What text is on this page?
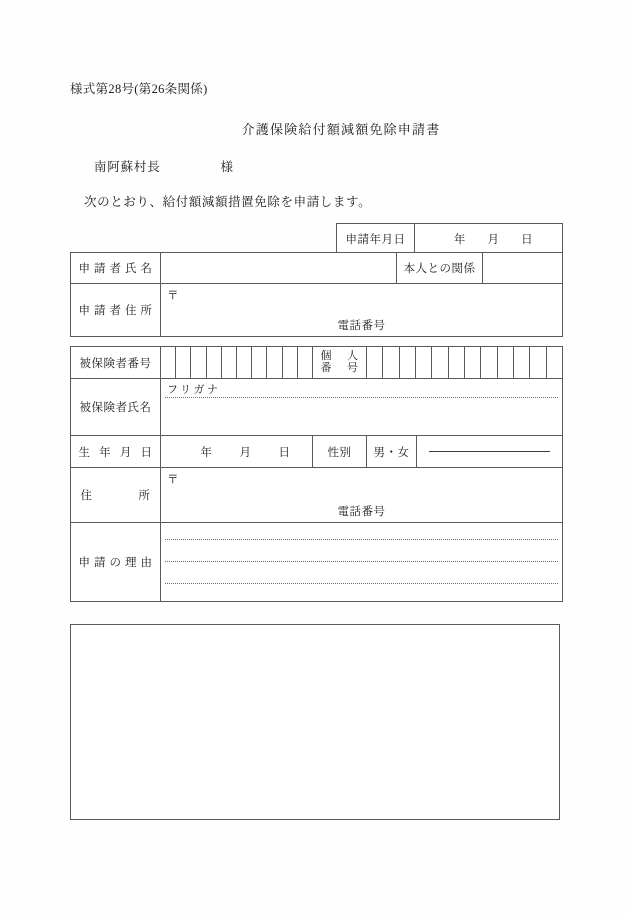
様式第28号(第26条関係)
介護保険給付額減額免除申請書
南阿蘇村長	様
次のとおり、給付額減額措置免除を申請します。
申請年月日	年 月 日
申請者氏名		本人との関係	
申請者住所	〒
電話番号		
被保険者番号		個人
番号		

被保険者氏名	フリガナ			

生年月日	年 月 日	性別	男・女	

住所	〒
電話番号			

申請の理由				
